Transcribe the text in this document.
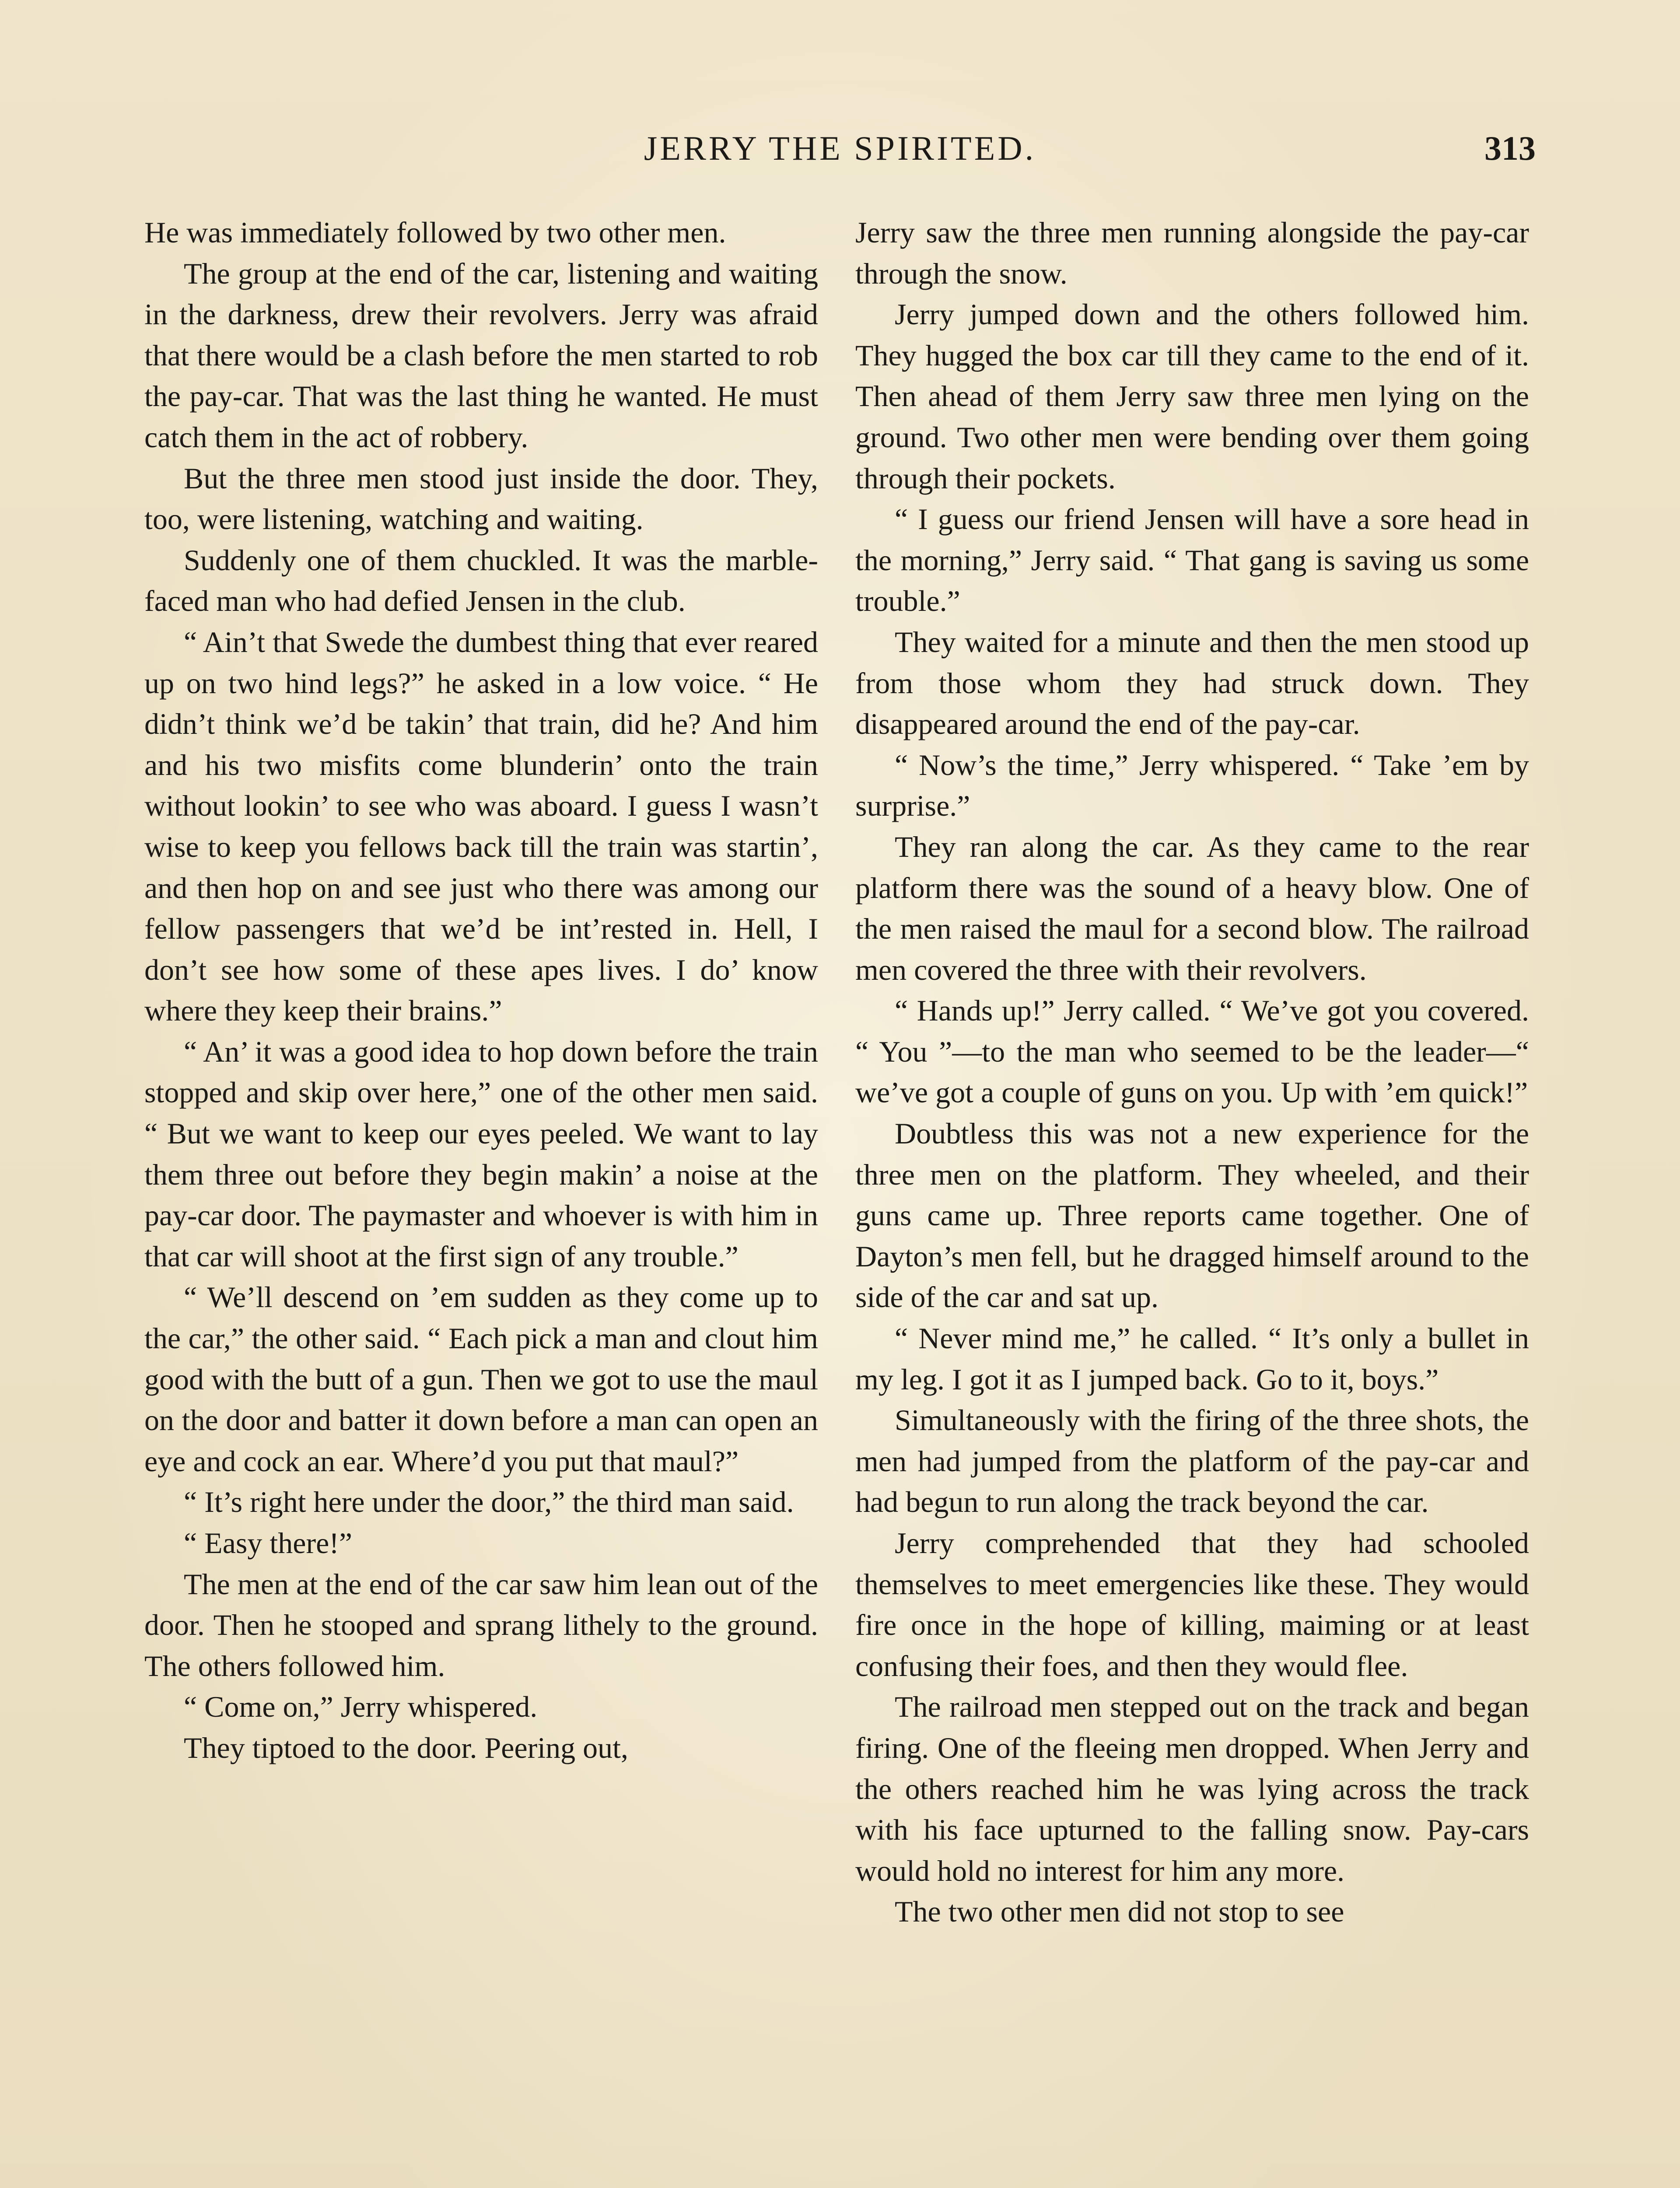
JERRY THE SPIRITED.	313

He was immediately followed by two other men.

The group at the end of the car, listening and waiting in the darkness, drew their revolvers. Jerry was afraid that there would be a clash before the men started to rob the pay-car. That was the last thing he wanted. He must catch them in the act of robbery.

But the three men stood just inside the door. They, too, were listening, watching and waiting.

Suddenly one of them chuckled. It was the marble-faced man who had defied Jensen in the club.

“ Ain’t that Swede the dumbest thing that ever reared up on two hind legs?” he asked in a low voice. “ He didn’t think we’d be takin’ that train, did he? And him and his two misfits come blunderin’ onto the train without lookin’ to see who was aboard. I guess I wasn’t wise to keep you fellows back till the train was startin’, and then hop on and see just who there was among our fellow passengers that we’d be int’rested in. Hell, I don’t see how some of these apes lives. I do’ know where they keep their brains.”

“ An’ it was a good idea to hop down before the train stopped and skip over here,” one of the other men said. “ But we want to keep our eyes peeled. We want to lay them three out before they begin makin’ a noise at the pay-car door. The paymaster and whoever is with him in that car will shoot at the first sign of any trouble.”

“ We’ll descend on ’em sudden as they come up to the car,” the other said. “ Each pick a man and clout him good with the butt of a gun. Then we got to use the maul on the door and batter it down before a man can open an eye and cock an ear. Where’d you put that maul?”

“ It’s right here under the door,” the third man said.

“ Easy there!”

The men at the end of the car saw him lean out of the door. Then he stooped and sprang lithely to the ground. The others followed him.

“ Come on,” Jerry whispered.

They tiptoed to the door. Peering out,

Jerry saw the three men running alongside the pay-car through the snow.

Jerry jumped down and the others followed him. They hugged the box car till they came to the end of it. Then ahead of them Jerry saw three men lying on the ground. Two other men were bending over them going through their pockets.

“ I guess our friend Jensen will have a sore head in the morning,” Jerry said. “ That gang is saving us some trouble.”

They waited for a minute and then the men stood up from those whom they had struck down. They disappeared around the end of the pay-car.

“ Now’s the time,” Jerry whispered. “ Take ’em by surprise.”

They ran along the car. As they came to the rear platform there was the sound of a heavy blow. One of the men raised the maul for a second blow. The railroad men covered the three with their revolvers.

“ Hands up!” Jerry called. “ We’ve got you covered. “ You ”—to the man who seemed to be the leader—“ we’ve got a couple of guns on you. Up with ’em quick!”

Doubtless this was not a new experience for the three men on the platform. They wheeled, and their guns came up. Three reports came together. One of Dayton’s men fell, but he dragged himself around to the side of the car and sat up.

“ Never mind me,” he called. “ It’s only a bullet in my leg. I got it as I jumped back. Go to it, boys.”

Simultaneously with the firing of the three shots, the men had jumped from the platform of the pay-car and had begun to run along the track beyond the car.

Jerry comprehended that they had schooled themselves to meet emergencies like these. They would fire once in the hope of killing, maiming or at least confusing their foes, and then they would flee.

The railroad men stepped out on the track and began firing. One of the fleeing men dropped. When Jerry and the others reached him he was lying across the track with his face upturned to the falling snow. Pay-cars would hold no interest for him any more.

The two other men did not stop to see
